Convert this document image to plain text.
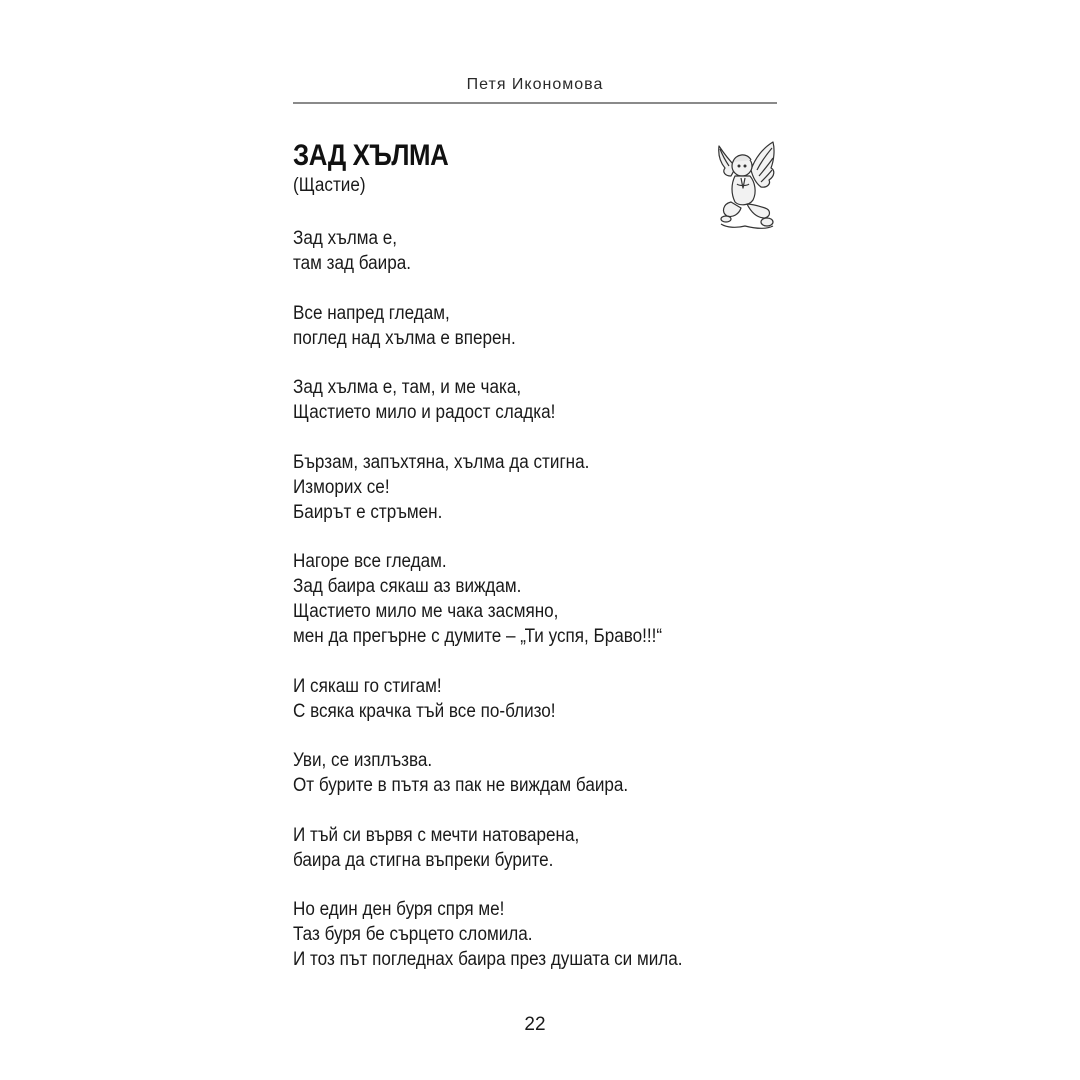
Петя Икономова
ЗАД ХЪЛМА
(Щастие)
Зад хълма е,
там зад баира.
Все напред гледам,
поглед над хълма е вперен.
Зад хълма е, там, и ме чака,
Щастието мило и радост сладка!
Бързам, запъхтяна, хълма да стигна.
Изморих се!
Баирът е стръмен.
Нагоре все гледам.
Зад баира сякаш аз виждам.
Щастието мило ме чака засмяно,
мен да прегърне с думите – „Ти успя, Браво!!!“
И сякаш го стигам!
С всяка крачка тъй все по-близо!
Уви, се изплъзва.
От бурите в пътя аз пак не виждам баира.
И тъй си вървя с мечти натоварена,
баира да стигна въпреки бурите.
Но един ден буря спря ме!
Таз буря бе сърцето сломила.
И тоз път погледнах баира през душата си мила.
22
